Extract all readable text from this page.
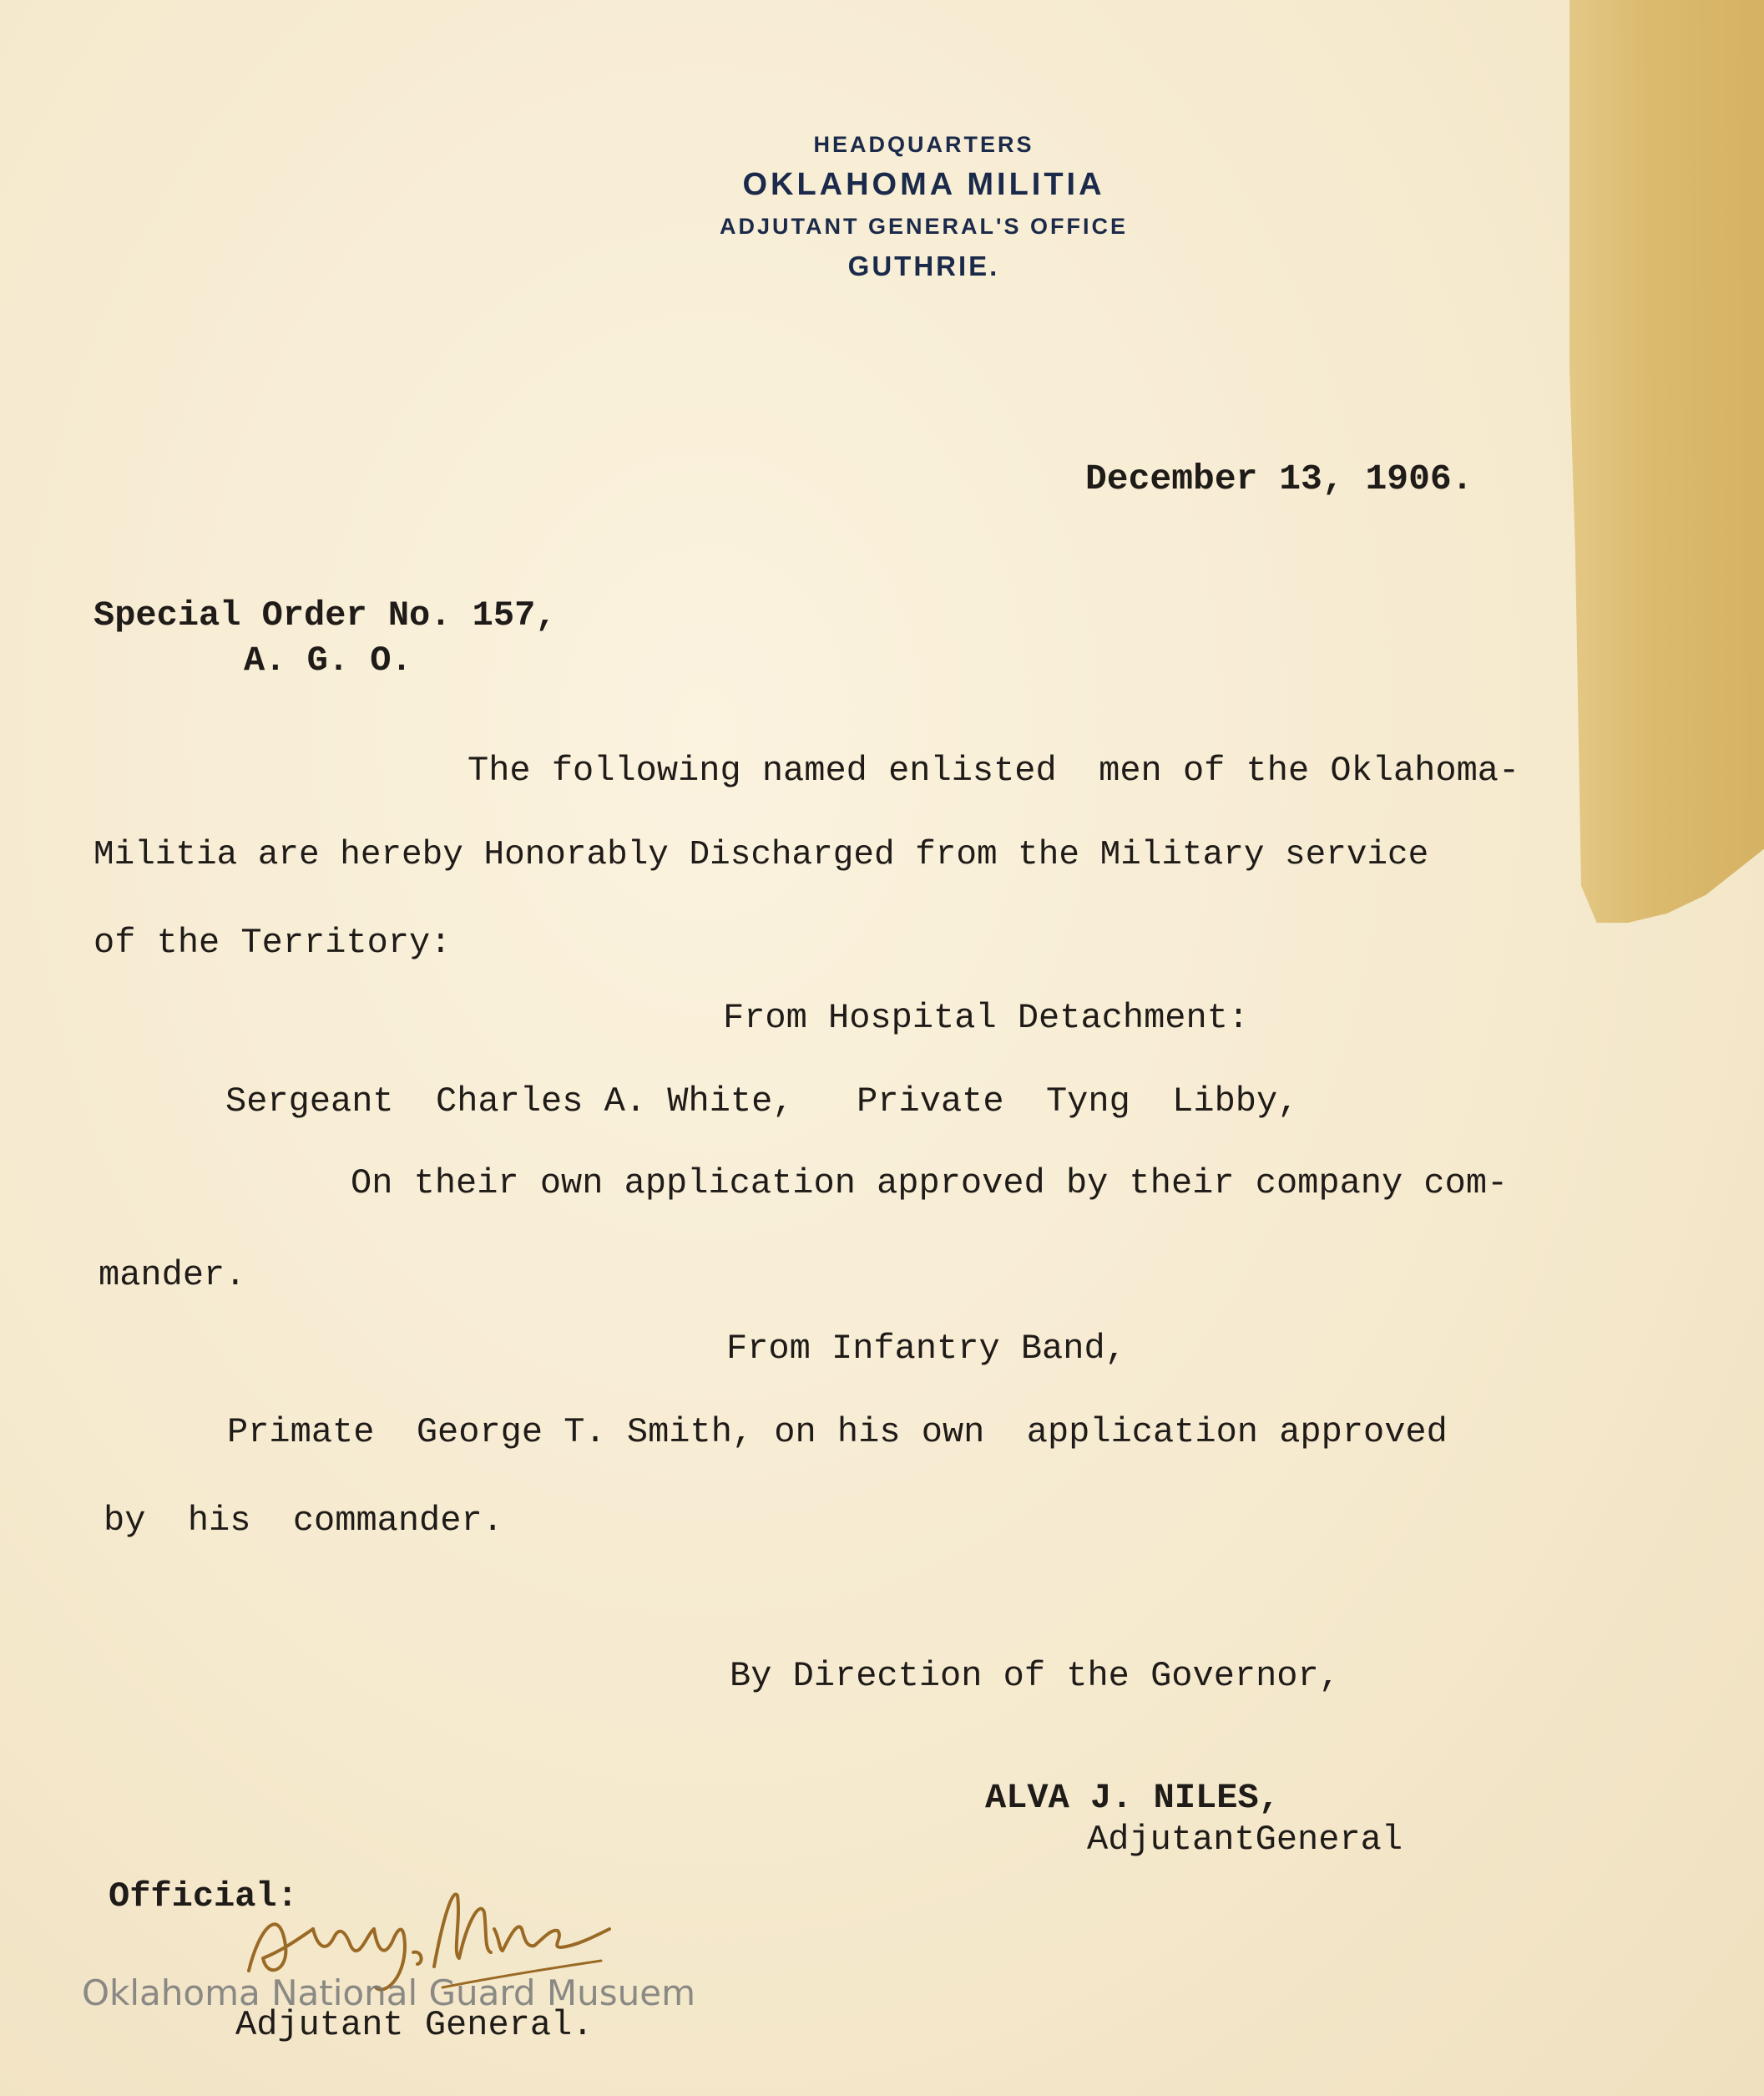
HEADQUARTERS
OKLAHOMA MILITIA
ADJUTANT GENERAL'S OFFICE
GUTHRIE.
December 13, 1906.
Special Order No. 157,
A. G. O.
The following named enlisted  men of the Oklahoma-
Militia are hereby Honorably Discharged from the Military service
of the Territory:
From Hospital Detachment:
Sergeant  Charles A. White,   Private  Tyng  Libby,
On their own application approved by their company com-
mander.
From Infantry Band,
Primate  George T. Smith, on his own  application approved
by  his  commander.
By Direction of the Governor,
ALVA J. NILES,
AdjutantGeneral
Official:
Oklahoma National Guard Musuem
Adjutant General.
